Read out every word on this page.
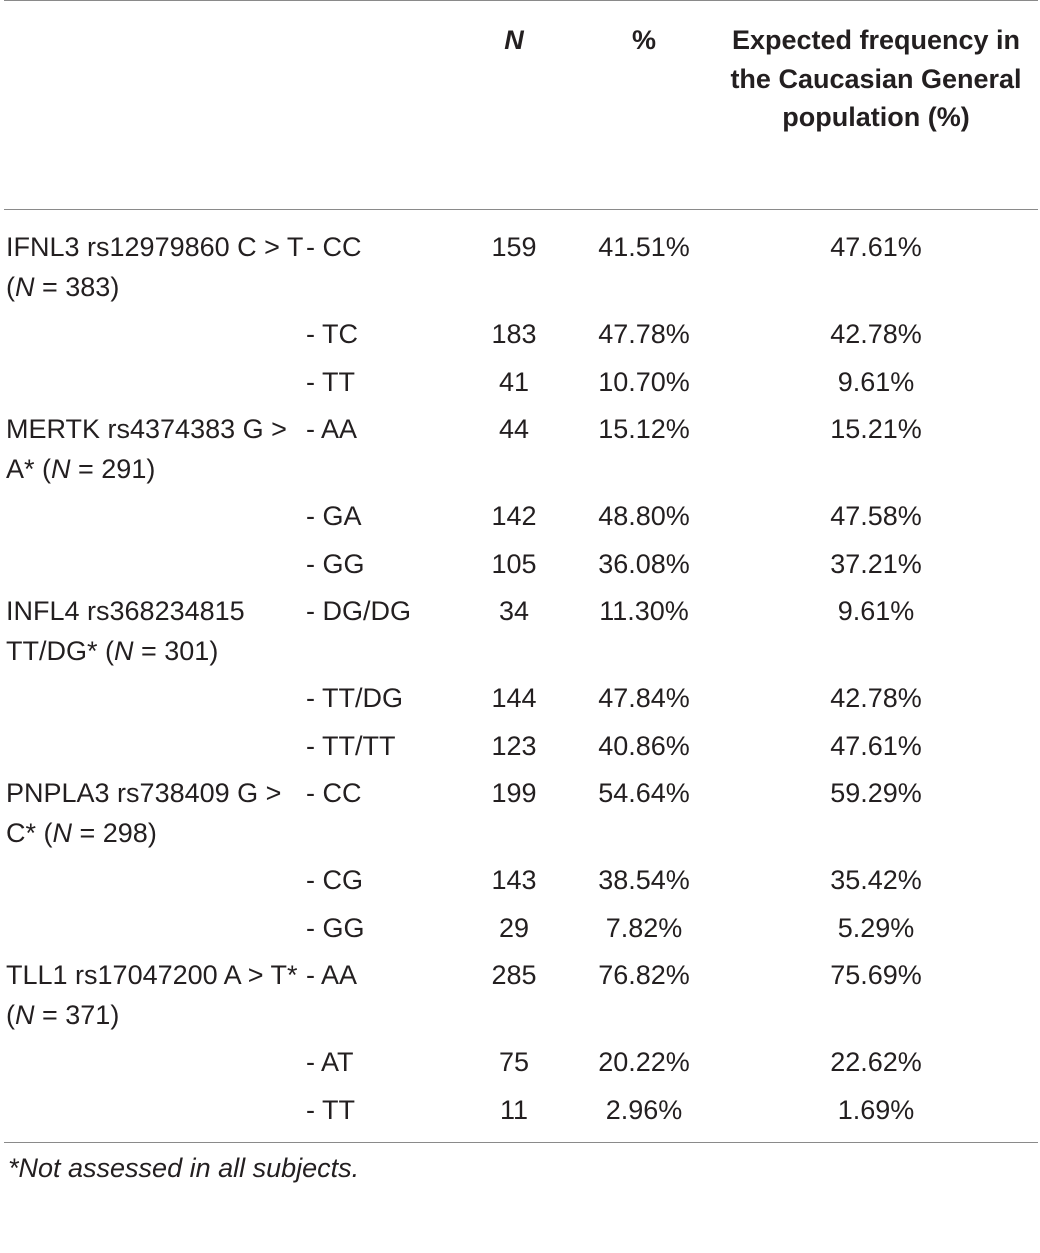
		N	%	Expected frequency in the Caucasian General population (%)
IFNL3 rs12979860 C > T (N = 383)	- CC	159	41.51%	47.61%
	- TC	183	47.78%	42.78%
	- TT	41	10.70%	9.61%
MERTK rs4374383 G > A* (N = 291)	- AA	44	15.12%	15.21%
	- GA	142	48.80%	47.58%
	- GG	105	36.08%	37.21%
INFL4 rs368234815 TT/DG* (N = 301)	- DG/DG	34	11.30%	9.61%
	- TT/DG	144	47.84%	42.78%
	- TT/TT	123	40.86%	47.61%
PNPLA3 rs738409 G > C* (N = 298)	- CC	199	54.64%	59.29%
	- CG	143	38.54%	35.42%
	- GG	29	7.82%	5.29%
TLL1 rs17047200 A > T*(N = 371)	- AA	285	76.82%	75.69%
	- AT	75	20.22%	22.62%
	- TT	11	2.96%	1.69%
*Not assessed in all subjects.
